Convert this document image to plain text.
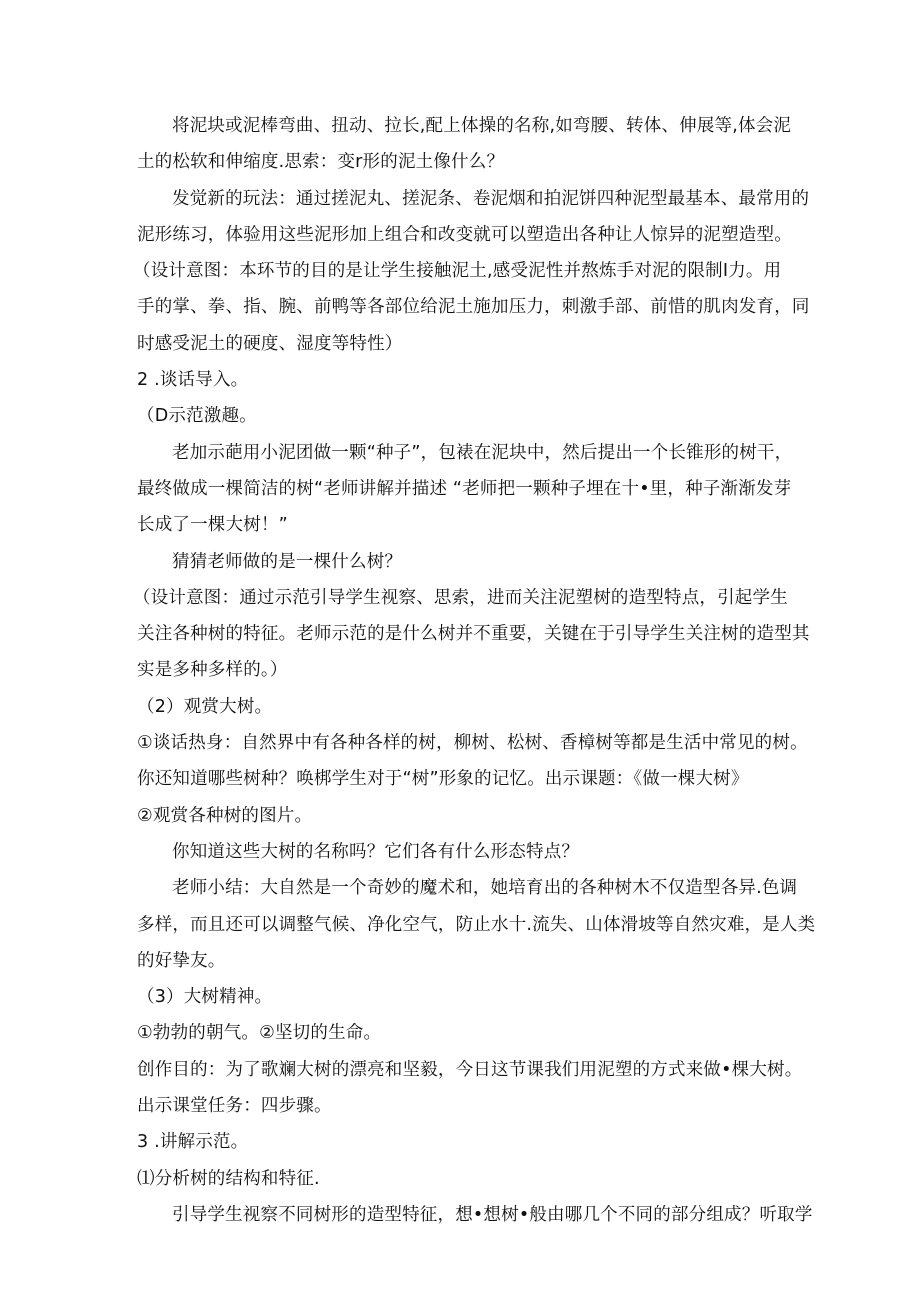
将泥块或泥棒弯曲、扭动、拉长,配上体操的名称,如弯腰、转体、伸展等,体会泥
土的松软和伸缩度.思索：变r形的泥土像什么？
发觉新的玩法：通过搓泥丸、搓泥条、卷泥烟和拍泥饼四种泥型最基本、最常用的
泥形练习，体验用这些泥形加上组合和改变就可以塑造出各种让人惊异的泥塑造型。
（设计意图：本环节的目的是让学生接触泥土,感受泥性并熬炼手对泥的限制Ⅰ力。用
手的掌、拳、指、腕、前鸭等各部位给泥土施加压力，刺激手部、前惜的肌肉发育，同
时感受泥土的硬度、湿度等特性）
2 .谈话导入。
（D示范激趣。
老加示葩用小泥团做一颗“种子”，包裱在泥块中，然后提出一个长锥形的树干，
最终做成一棵简洁的树“老师讲解并描述 “老师把一颗种子埋在十•里，种子渐渐发芽
长成了一棵大树！”
猜猜老师做的是一棵什么树？
（设计意图：通过示范引导学生视察、思索，进而关注泥塑树的造型特点，引起学生
关注各种树的特征。老师示范的是什么树并不重要，关键在于引导学生关注树的造型其
实是多种多样的。）
（2）观赏大树。
①谈话热身：自然界中有各种各样的树，柳树、松树、香樟树等都是生活中常见的树。
你还知道哪些树种？唤梆学生对于“树”形象的记忆。出示课题：《做一棵大树》
②观赏各种树的图片。
你知道这些大树的名称吗？它们各有什么形态特点？
老师小结：大自然是一个奇妙的魔术和，她培育出的各种树木不仅造型各异.色调
多样，而且还可以调整气候、净化空气，防止水十.流失、山体滑坡等自然灾难，是人类
的好挚友。
（3）大树精神。
①勃勃的朝气。②坚切的生命。
创作目的：为了歌斓大树的漂亮和坚毅，今日这节课我们用泥塑的方式来做•棵大树。
出示课堂任务：四步骤。
3 .讲解示范。
⑴分析树的结构和特征.
引导学生视察不同树形的造型特征，想•想树•般由哪几个不同的部分组成？听取学
